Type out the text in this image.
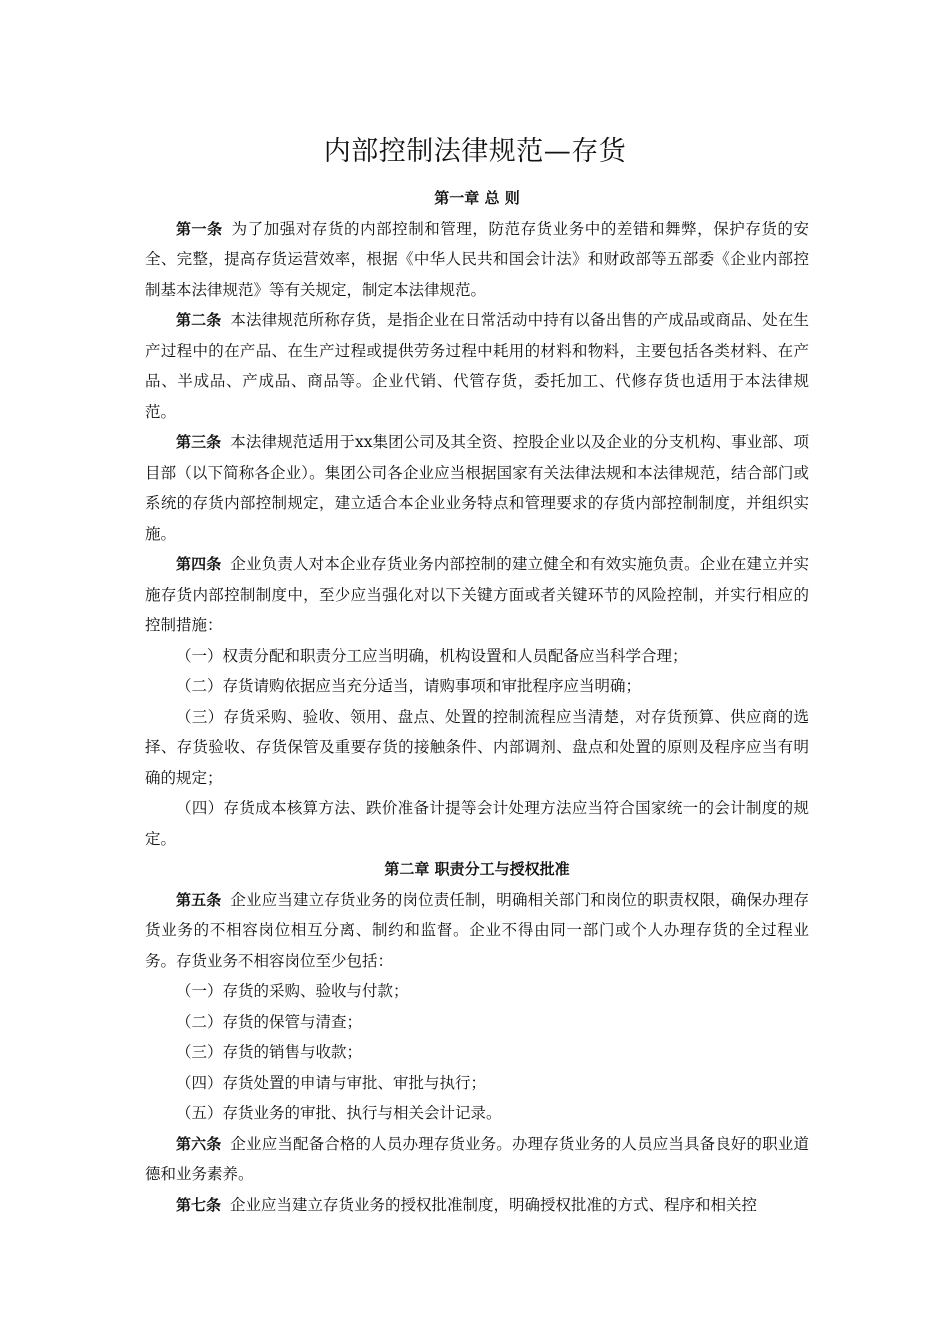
内部控制法律规范—存货

第一章 总 则

第一条 为了加强对存货的内部控制和管理，防范存货业务中的差错和舞弊，保护存货的安全、完整，提高存货运营效率，根据《中华人民共和国会计法》和财政部等五部委《企业内部控制基本法律规范》等有关规定，制定本法律规范。

第二条 本法律规范所称存货，是指企业在日常活动中持有以备出售的产成品或商品、处在生产过程中的在产品、在生产过程或提供劳务过程中耗用的材料和物料，主要包括各类材料、在产品、半成品、产成品、商品等。企业代销、代管存货，委托加工、代修存货也适用于本法律规范。

第三条 本法律规范适用于xx集团公司及其全资、控股企业以及企业的分支机构、事业部、项目部（以下简称各企业）。集团公司各企业应当根据国家有关法律法规和本法律规范，结合部门或系统的存货内部控制规定，建立适合本企业业务特点和管理要求的存货内部控制制度，并组织实施。

第四条 企业负责人对本企业存货业务内部控制的建立健全和有效实施负责。企业在建立并实施存货内部控制制度中，至少应当强化对以下关键方面或者关键环节的风险控制，并实行相应的控制措施：

（一）权责分配和职责分工应当明确，机构设置和人员配备应当科学合理；

（二）存货请购依据应当充分适当，请购事项和审批程序应当明确；

（三）存货采购、验收、领用、盘点、处置的控制流程应当清楚，对存货预算、供应商的选择、存货验收、存货保管及重要存货的接触条件、内部调剂、盘点和处置的原则及程序应当有明确的规定；

（四）存货成本核算方法、跌价准备计提等会计处理方法应当符合国家统一的会计制度的规定。

第二章 职责分工与授权批准

第五条 企业应当建立存货业务的岗位责任制，明确相关部门和岗位的职责权限，确保办理存货业务的不相容岗位相互分离、制约和监督。企业不得由同一部门或个人办理存货的全过程业务。存货业务不相容岗位至少包括：

（一）存货的采购、验收与付款；

（二）存货的保管与清查；

（三）存货的销售与收款；

（四）存货处置的申请与审批、审批与执行；

（五）存货业务的审批、执行与相关会计记录。

第六条 企业应当配备合格的人员办理存货业务。办理存货业务的人员应当具备良好的职业道德和业务素养。

第七条 企业应当建立存货业务的授权批准制度，明确授权批准的方式、程序和相关控
